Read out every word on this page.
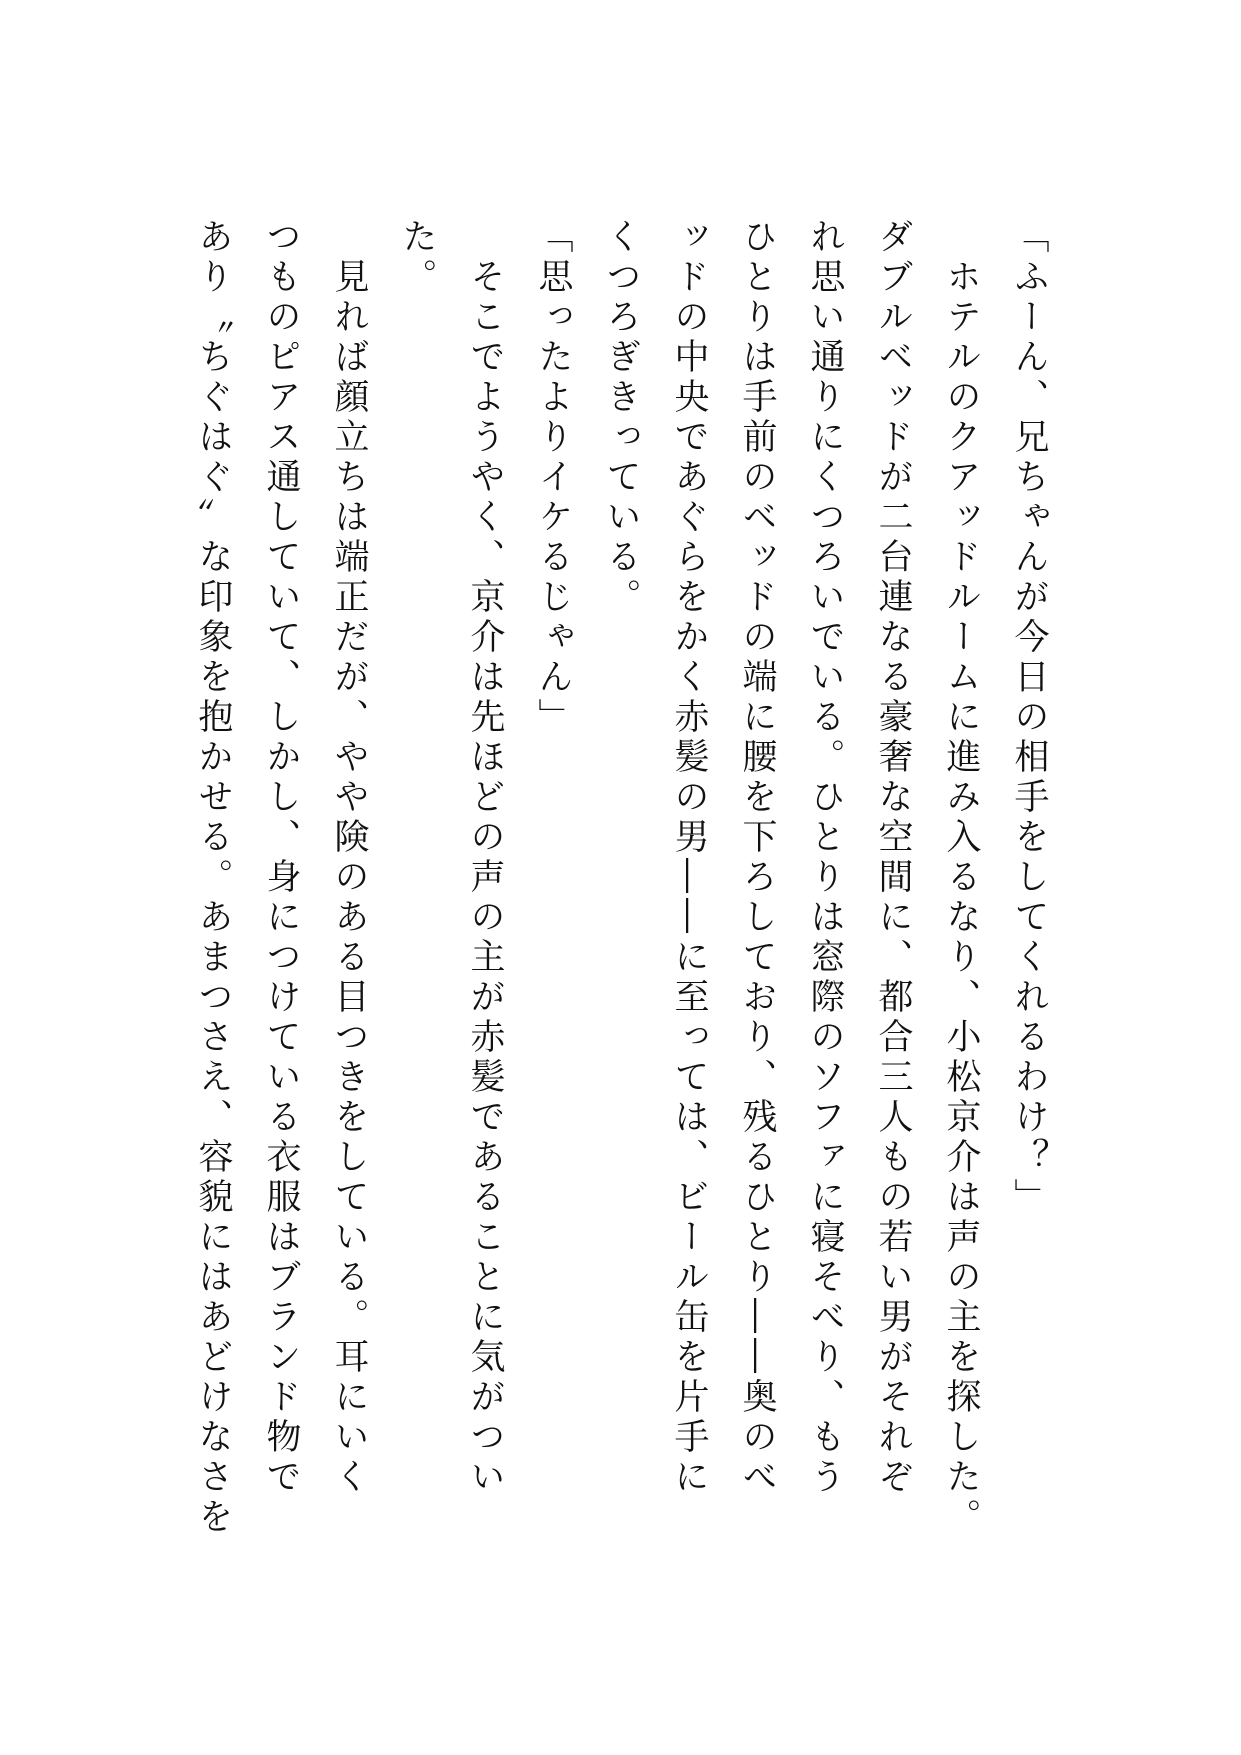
「ふーん、兄ちゃんが今日の相手をしてくれるわけ？」
　ホテルのクアッドルームに進み入るなり、小松京介は声の主を探した。
ダブルベッドが二台連なる豪奢な空間に、都合三人もの若い男がそれぞ
れ思い通りにくつろいでいる。ひとりは窓際のソファに寝そべり、もう
ひとりは手前のベッドの端に腰を下ろしており、残るひとり――奥のべ
ッドの中央であぐらをかく赤髪の男――に至っては、ビール缶を片手に
くつろぎきっている。
「思ったよりイケるじゃん」
　そこでようやく、京介は先ほどの声の主が赤髪であることに気がつい
た。
　見れば顔立ちは端正だが、やや険のある目つきをしている。耳にいく
つものピアス通していて、しかし、身につけている衣服はブランド物で
あり〝ちぐはぐ〟な印象を抱かせる。あまつさえ、容貌にはあどけなさを
